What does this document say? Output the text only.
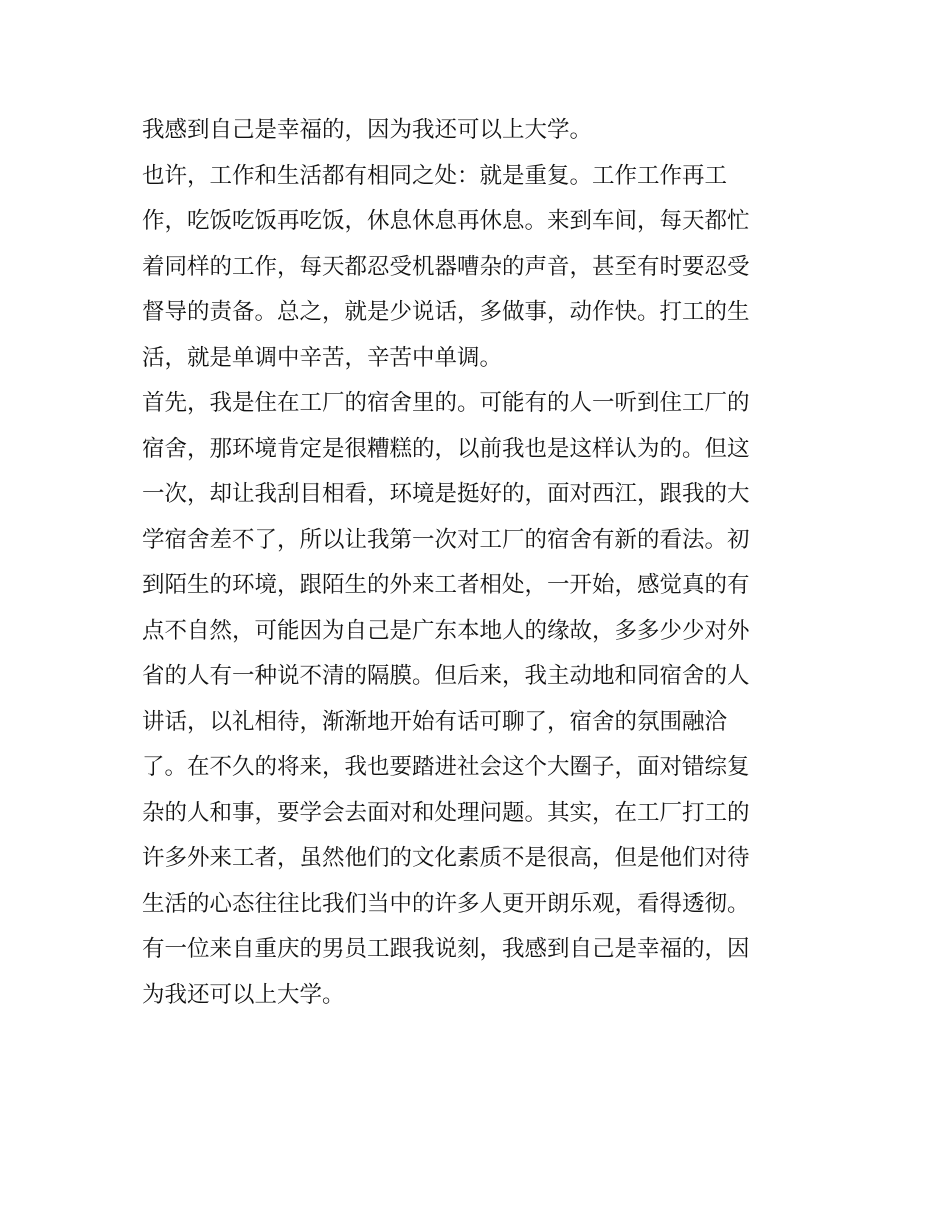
我感到自己是幸福的，因为我还可以上大学。
也许，工作和生活都有相同之处：就是重复。工作工作再工
作，吃饭吃饭再吃饭，休息休息再休息。来到车间，每天都忙
着同样的工作，每天都忍受机器嘈杂的声音，甚至有时要忍受
督导的责备。总之，就是少说话，多做事，动作快。打工的生
活，就是单调中辛苦，辛苦中单调。
首先，我是住在工厂的宿舍里的。可能有的人一听到住工厂的
宿舍，那环境肯定是很糟糕的，以前我也是这样认为的。但这
一次，却让我刮目相看，环境是挺好的，面对西江，跟我的大
学宿舍差不了，所以让我第一次对工厂的宿舍有新的看法。初
到陌生的环境，跟陌生的外来工者相处，一开始，感觉真的有
点不自然，可能因为自己是广东本地人的缘故，多多少少对外
省的人有一种说不清的隔膜。但后来，我主动地和同宿舍的人
讲话，以礼相待，渐渐地开始有话可聊了，宿舍的氛围融洽
了。在不久的将来，我也要踏进社会这个大圈子，面对错综复
杂的人和事，要学会去面对和处理问题。其实，在工厂打工的
许多外来工者，虽然他们的文化素质不是很高，但是他们对待
生活的心态往往比我们当中的许多人更开朗乐观，看得透彻。
有一位来自重庆的男员工跟我说刻，我感到自己是幸福的，因
为我还可以上大学。
